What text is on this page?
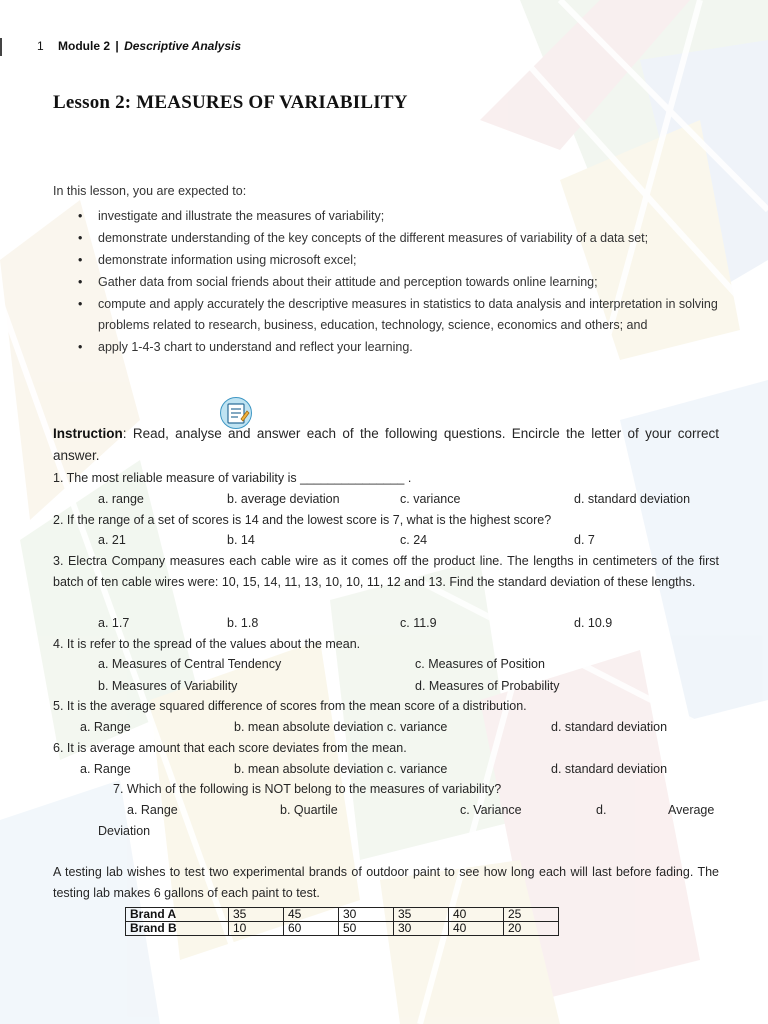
1 Module 2 | Descriptive Analysis
Lesson 2: MEASURES OF VARIABILITY
In this lesson, you are expected to:
• investigate and illustrate the measures of variability;
• demonstrate understanding of the key concepts of the different measures of variability of a data set;
• demonstrate information using microsoft excel;
• Gather data from social friends about their attitude and perception towards online learning;
• compute and apply accurately the descriptive measures in statistics to data analysis and interpretation in solving problems related to research, business, education, technology, science, economics and others; and
• apply 1-4-3 chart to understand and reflect your learning.

Instruction: Read, analyse and answer each of the following questions. Encircle the letter of your correct answer.

1. The most reliable measure of variability is _______________ .
a. range	b. average deviation	c. variance	d. standard deviation
2. If the range of a set of scores is 14 and the lowest score is 7, what is the highest score?
a. 21	b. 14	c. 24	d. 7

3. Electra Company measures each cable wire as it comes off the product line. The lengths in centimeters of the first batch of ten cable wires were: 10, 15, 14, 11, 13, 10, 10, 11, 12 and 13. Find the standard deviation of these lengths.

a. 1.7	b. 1.8	c. 11.9	d. 10.9
4. It is refer to the spread of the values about the mean.
a. Measures of Central Tendency	c. Measures of Position
b. Measures of Variability	d. Measures of Probability
5. It is the average squared difference of scores from the mean score of a distribution.
a. Range	b. mean absolute deviation c. variance	d. standard deviation
6. It is average amount that each score deviates from the mean.
a. Range	b. mean absolute deviation c. variance	d. standard deviation
7. Which of the following is NOT belong to the measures of variability?
a. Range	b. Quartile	c. Variance	d.	Average
Deviation

A testing lab wishes to test two experimental brands of outdoor paint to see how long each will last before fading. The testing lab makes 6 gallons of each paint to test.

Brand A	35	45	30	35	40	25
Brand B	10	60	50	30	40	20
